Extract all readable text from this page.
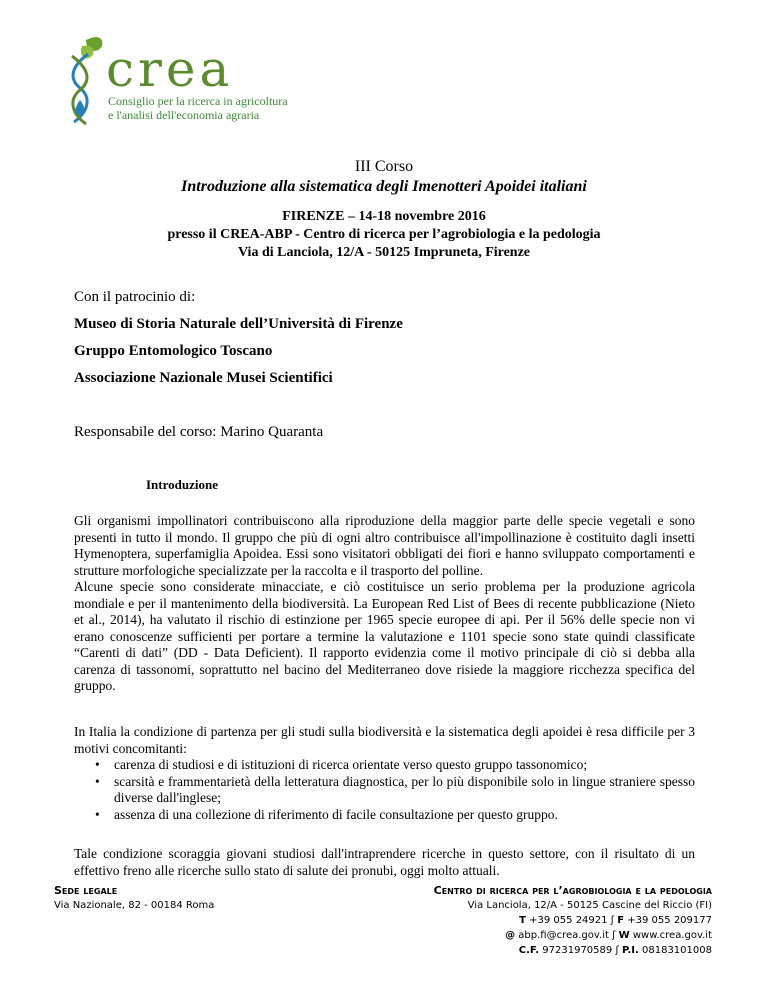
crea
Consiglio per la ricerca in agricoltura
e l'analisi dell'economia agraria
III Corso
Introduzione alla sistematica degli Imenotteri Apoidei italiani
FIRENZE – 14-18 novembre 2016
presso il CREA-ABP - Centro di ricerca per l’agrobiologia e la pedologia
Via di Lanciola, 12/A - 50125 Impruneta, Firenze
Con il patrocinio di:
Museo di Storia Naturale dell’Università di Firenze
Gruppo Entomologico Toscano
Associazione Nazionale Musei Scientifici
Responsabile del corso: Marino Quaranta
Introduzione

Gli organismi impollinatori contribuiscono alla riproduzione della maggior parte delle specie vegetali e sono presenti in tutto il mondo. Il gruppo che più di ogni altro contribuisce all'impollinazione è costituito dagli insetti Hymenoptera, superfamiglia Apoidea. Essi sono visitatori obbligati dei fiori e hanno sviluppato comportamenti e strutture morfologiche specializzate per la raccolta e il trasporto del polline.

Alcune specie sono considerate minacciate, e ciò costituisce un serio problema per la produzione agricola mondiale e per il mantenimento della biodiversità. La European Red List of Bees di recente pubblicazione (Nieto et al., 2014), ha valutato il rischio di estinzione per 1965 specie europee di api. Per il 56% delle specie non vi erano conoscenze sufficienti per portare a termine la valutazione e 1101 specie sono state quindi classificate “Carenti di dati” (DD - Data Deficient). Il rapporto evidenzia come il motivo principale di ciò si debba alla carenza di tassonomi, soprattutto nel bacino del Mediterraneo dove risiede la maggiore ricchezza specifica del gruppo.

In Italia la condizione di partenza per gli studi sulla biodiversità e la sistematica degli apoidei è resa difficile per 3 motivi concomitanti:

• carenza di studiosi e di istituzioni di ricerca orientate verso questo gruppo tassonomico;
• scarsità e frammentarietà della letteratura diagnostica, per lo più disponibile solo in lingue straniere spesso diverse dall'inglese;
• assenza di una collezione di riferimento di facile consultazione per questo gruppo.

Tale condizione scoraggia giovani studiosi dall'intraprendere ricerche in questo settore, con il risultato di un effettivo freno alle ricerche sullo stato di salute dei pronubi, oggi molto attuali.

Sede legale
Via Nazionale, 82 - 00184 Roma
Centro di ricerca per l’agrobiologia e la pedologia
Via Lanciola, 12/A - 50125 Cascine del Riccio (FI)
T +39 055 24921 ʃ F +39 055 209177
@ abp.fi@crea.gov.it ʃ W www.crea.gov.it
C.F. 97231970589 ʃ P.I. 08183101008
